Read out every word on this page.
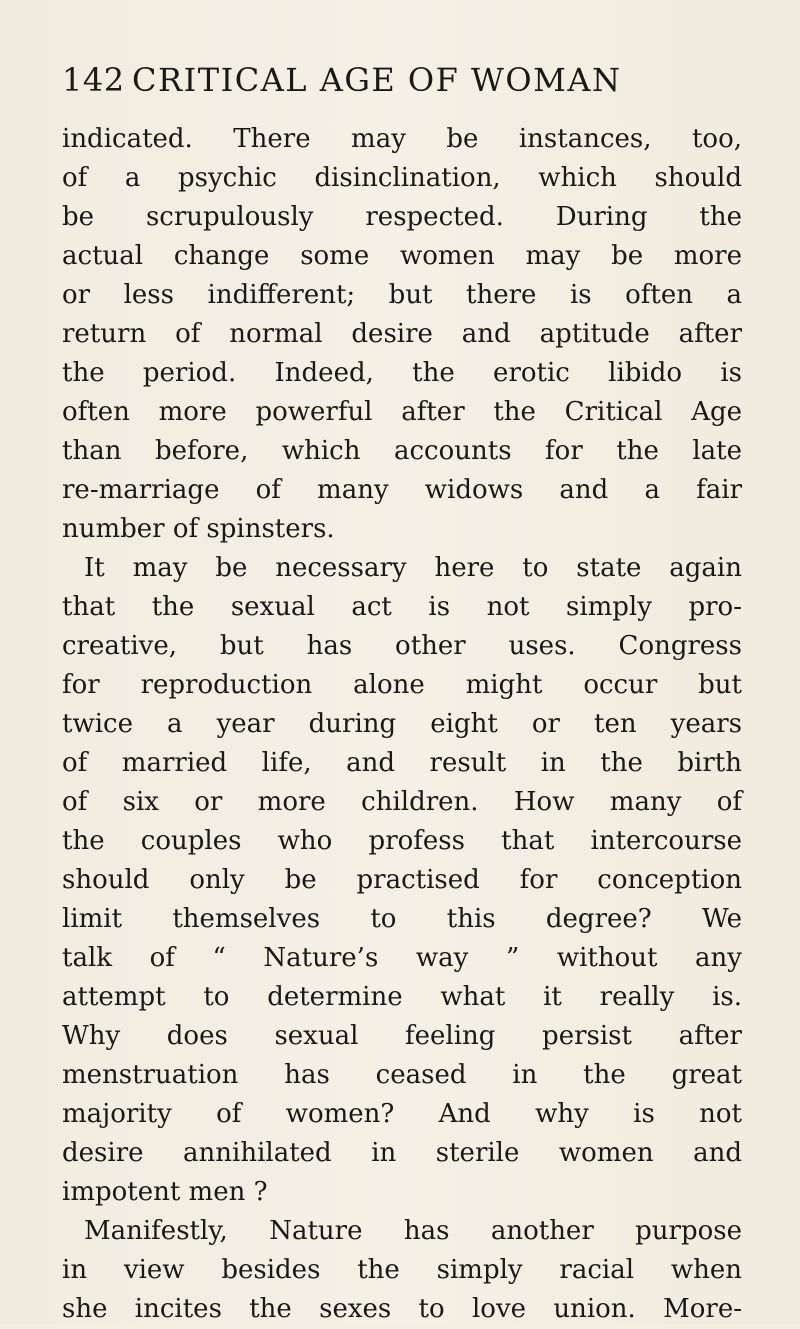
142 CRITICAL AGE OF WOMAN
indicated. There may be instances, too,
of a psychic disinclination, which should
be scrupulously respected. During the
actual change some women may be more
or less indifferent; but there is often a
return of normal desire and aptitude after
the period. Indeed, the erotic libido is
often more powerful after the Critical Age
than before, which accounts for the late
re-marriage of many widows and a fair
number of spinsters.
It may be necessary here to state again
that the sexual act is not simply pro-
creative, but has other uses. Congress
for reproduction alone might occur but
twice a year during eight or ten years
of married life, and result in the birth
of six or more children. How many of
the couples who profess that intercourse
should only be practised for conception
limit themselves to this degree? We
talk of “ Nature’s way ” without any
attempt to determine what it really is.
Why does sexual feeling persist after
menstruation has ceased in the great
majority of women? And why is not
desire annihilated in sterile women and
impotent men ?
Manifestly, Nature has another purpose
in view besides the simply racial when
she incites the sexes to love union. More-
